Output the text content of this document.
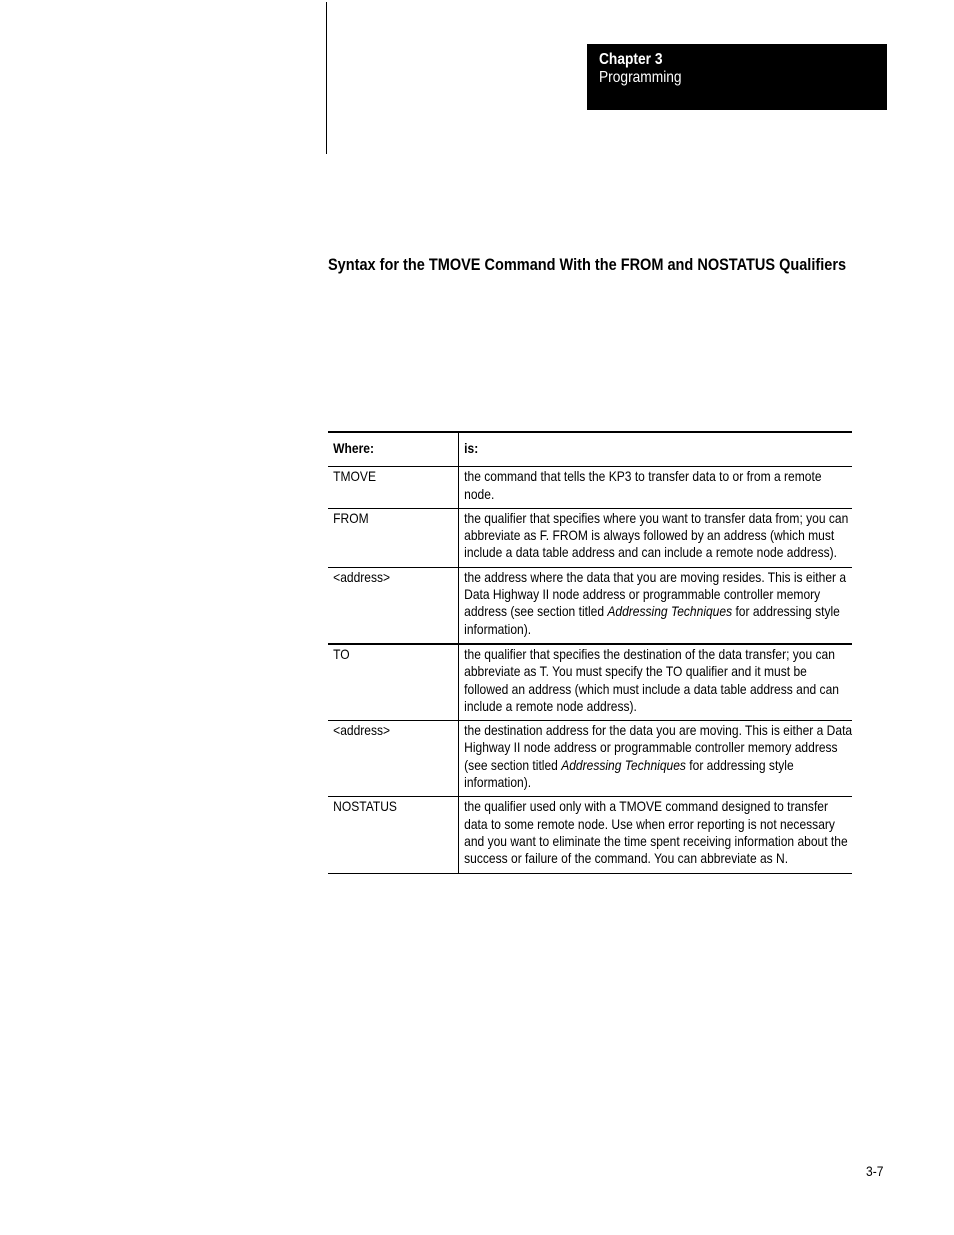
Chapter 3
Programming
Syntax for the TMOVE Command With the FROM and NOSTATUS Qualifiers
Where:	is:

TMOVE	the command that tells the KP3 to transfer data to or from a remote node.

FROM	the qualifier that specifies where you want to transfer data from; you can abbreviate as F. FROM is always followed by an address (which must include a data table address and can include a remote node address).

<address>	the address where the data that you are moving resides. This is either a Data Highway II node address or programmable controller memory address (see section titled Addressing Techniques for addressing style information).

TO	the qualifier that specifies the destination of the data transfer; you can abbreviate as T. You must specify the TO qualifier and it must be followed an address (which must include a data table address and can include a remote node address).

<address>	the destination address for the data you are moving. This is either a Data Highway II node address or programmable controller memory address (see section titled Addressing Techniques for addressing style information).

NOSTATUS	the qualifier used only with a TMOVE command designed to transfer data to some remote node. Use when error reporting is not necessary and you want to eliminate the time spent receiving information about the success or failure of the command. You can abbreviate as N.
3-7
